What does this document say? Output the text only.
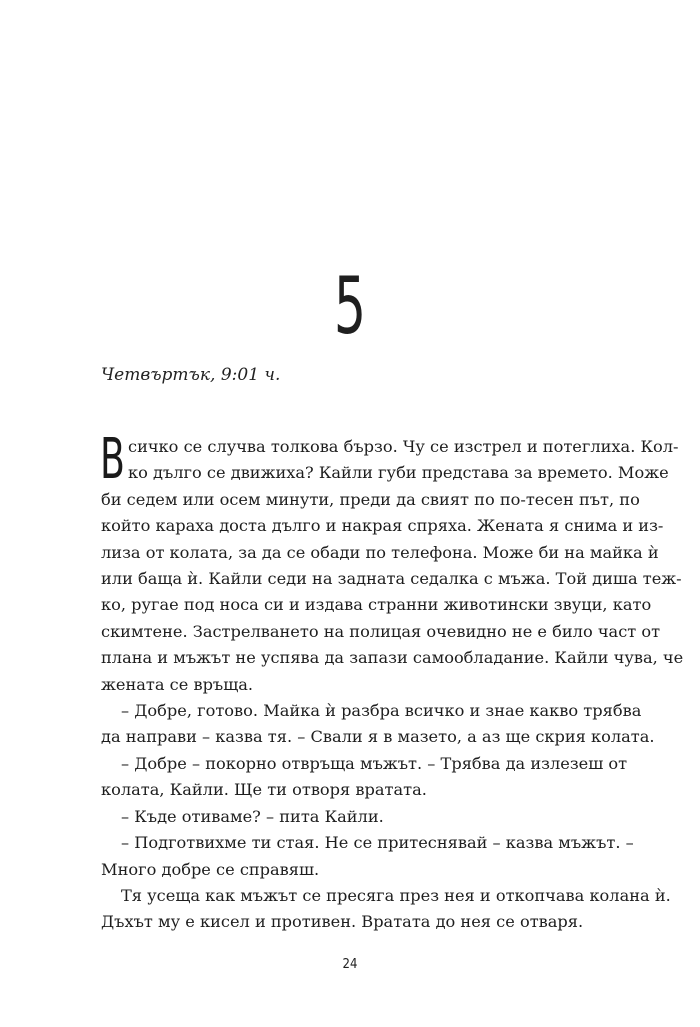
5

Четвъртък, 9:01 ч.

В сичко се случва толкова бързо. Чу се изстрел и потеглиха. Кол-
ко дълго се движиха? Кайли губи представа за времето. Може
би седем или осем минути, преди да свият по по-тесен път, по
който караха доста дълго и накрая спряха. Жената я снима и из-
лиза от колата, за да се обади по телефона. Може би на майка ѝ
или баща ѝ. Кайли седи на задната седалка с мъжа. Той диша теж-
ко, ругае под носа си и издава странни животински звуци, като
скимтене. Застрелването на полицая очевидно не е било част от
плана и мъжът не успява да запази самообладание. Кайли чува, че
жената се връща.
– Добре, готово. Майка ѝ разбра всичко и знае какво трябва
да направи – казва тя. – Свали я в мазето, а аз ще скрия колата.
– Добре – покорно отвръща мъжът. – Трябва да излезеш от
колата, Кайли. Ще ти отворя вратата.
– Къде отиваме? – пита Кайли.
– Подготвихме ти стая. Не се притеснявай – казва мъжът. –
Много добре се справяш.
Тя усеща как мъжът се пресяга през нея и откопчава колана ѝ.
Дъхът му е кисел и противен. Вратата до нея се отваря.
24
